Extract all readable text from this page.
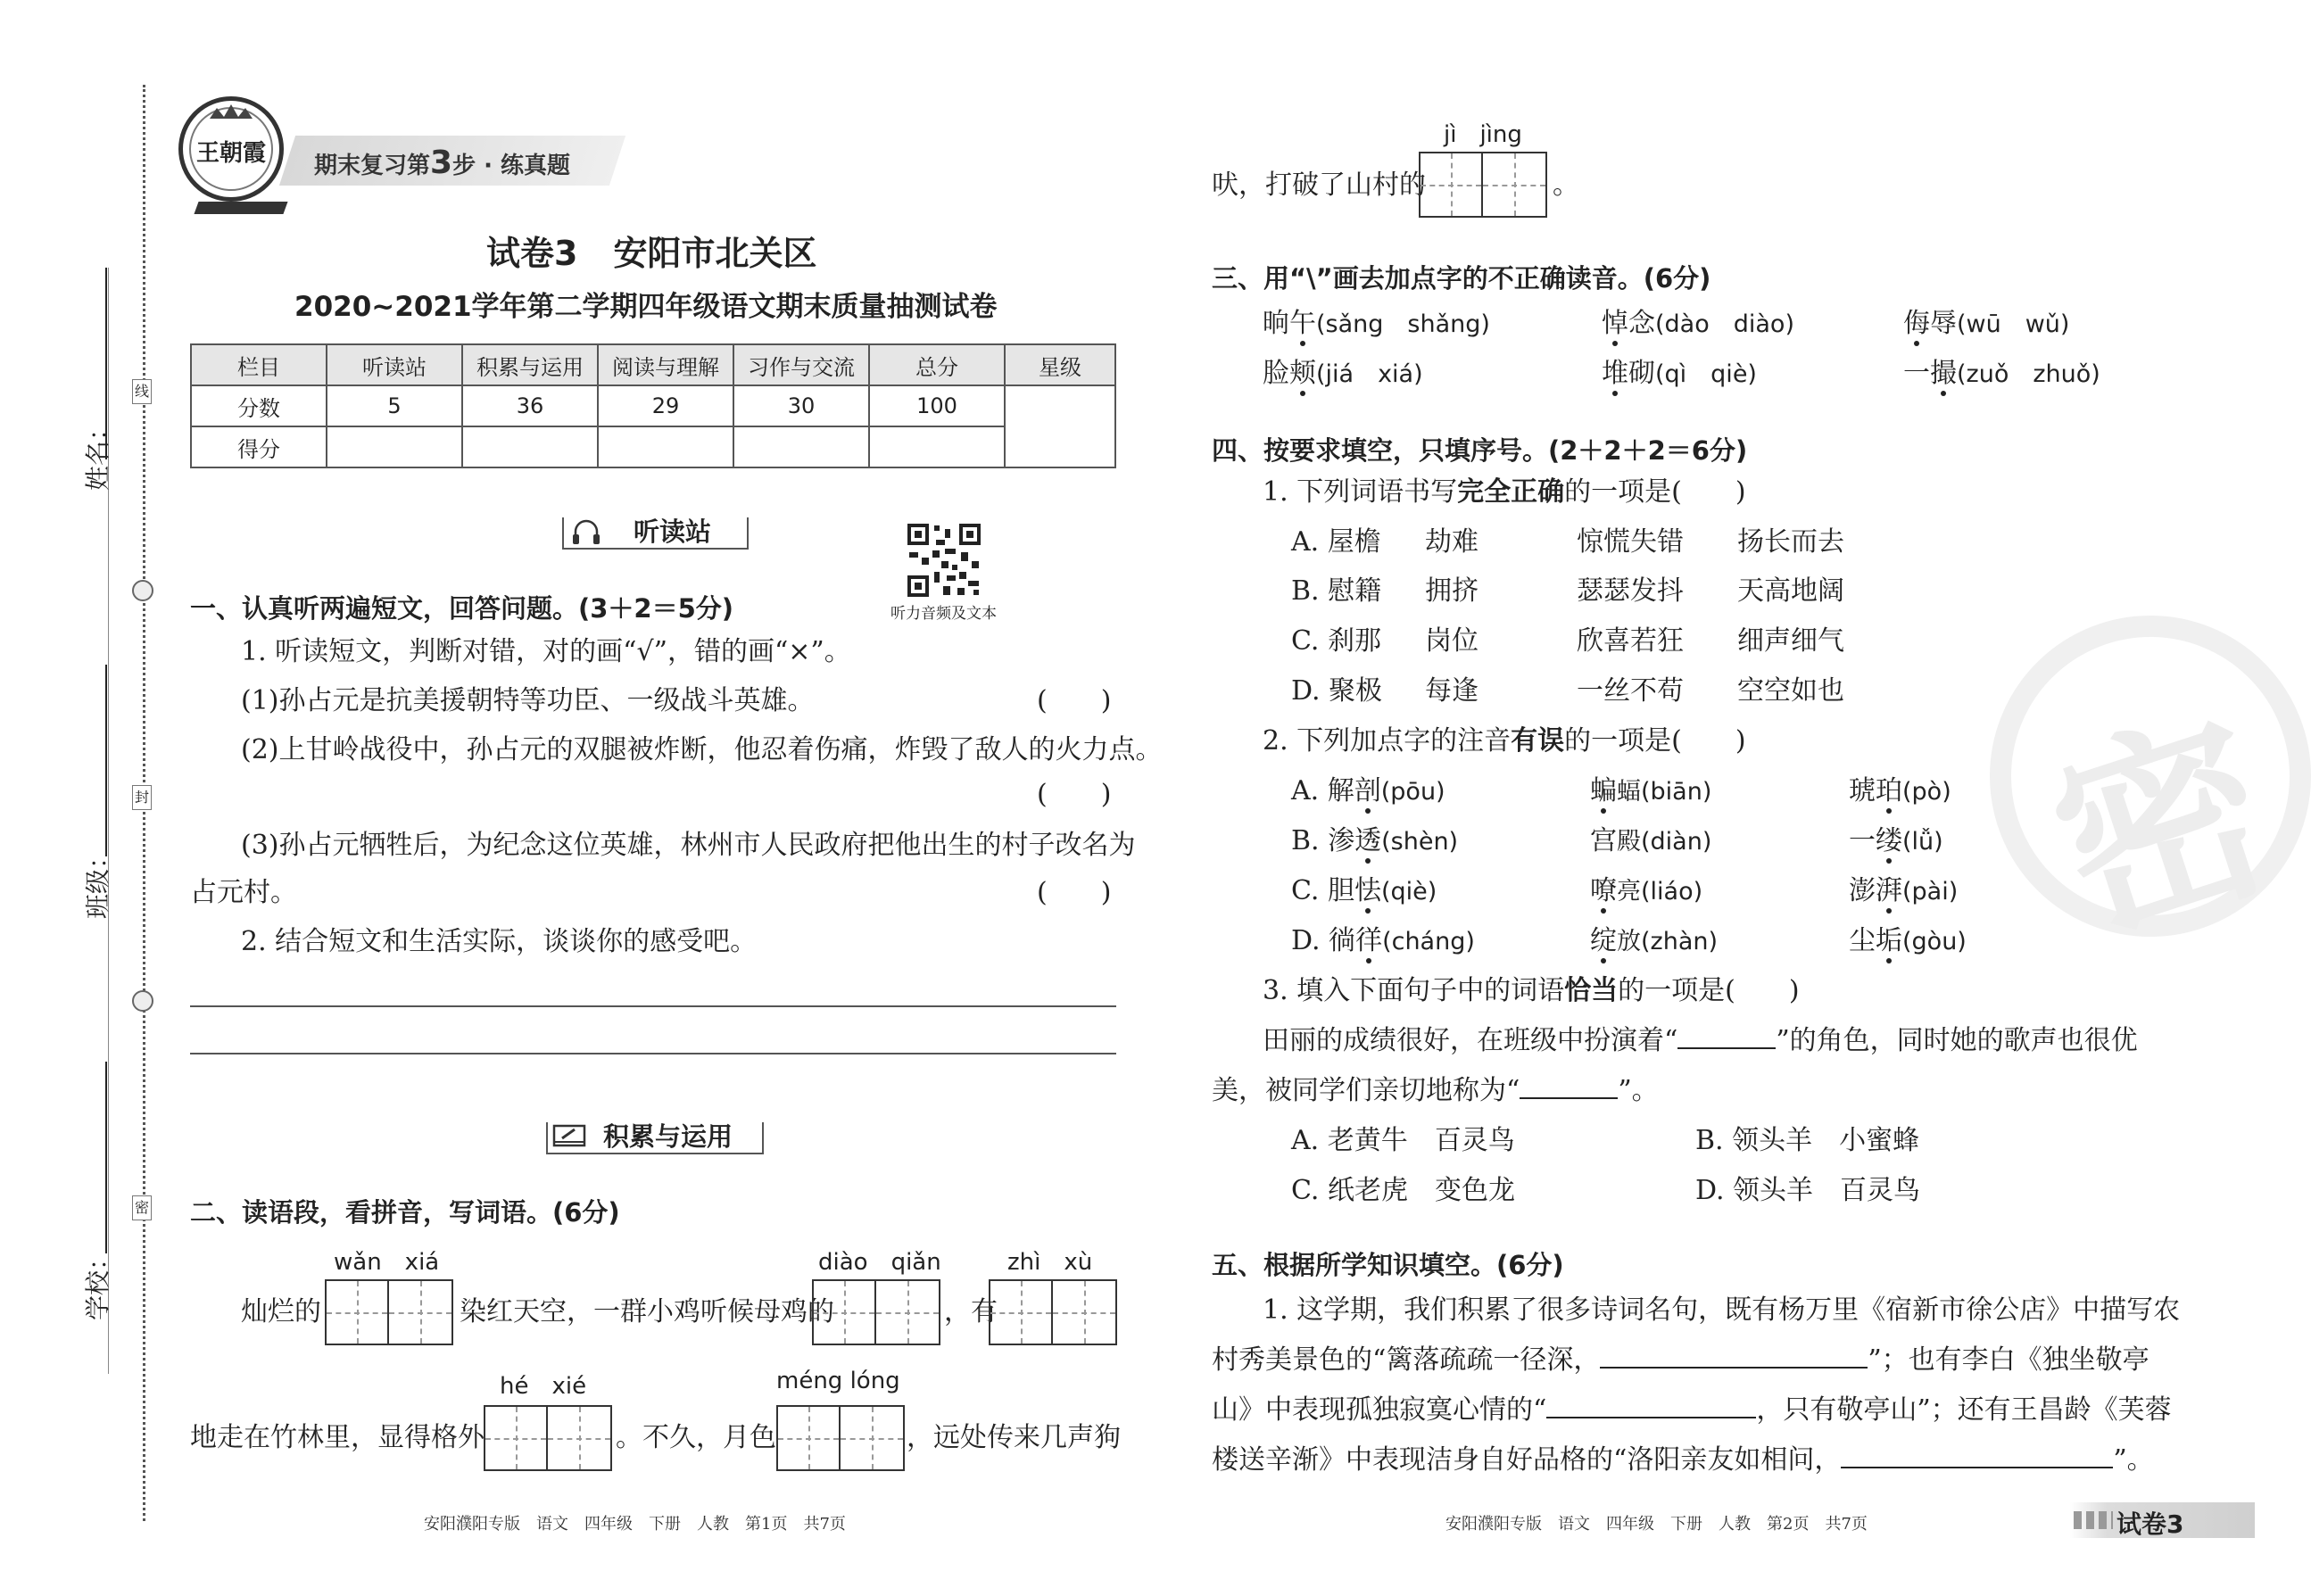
姓名：
班级：
学校：
线
封
密
王朝霞	期末复习第3步 · 练真题
试卷3 安阳市北关区
2020~2021学年第二学期四年级语文期末质量抽测试卷
栏目	听读站	积累与运用	阅读与理解	习作与交流	总分	星级
分数	5	36	29	30	100	
得分						
听读站
听力音频及文本
一、认真听两遍短文，回答问题。(3＋2＝5分)
1. 听读短文，判断对错，对的画“√”，错的画“×”。
(1)孙占元是抗美援朝特等功臣、一级战斗英雄。	(　　)
(2)上甘岭战役中，孙占元的双腿被炸断，他忍着伤痛，炸毁了敌人的火力点。
(　　)
(3)孙占元牺牲后，为纪念这位英雄，林州市人民政府把他出生的村子改名为
占元村。	(　　)
2. 结合短文和生活实际，谈谈你的感受吧。
积累与运用
二、读语段，看拼音，写词语。(6分)
wǎn　xiá	diào　qiǎn	zhì　xù
灿烂的	染红天空，一群小鸡听候母鸡的	，有
hé　xié	méng lóng
地走在竹林里，显得格外	。不久，月色	，远处传来几声狗
jì　jìng
吠，打破了山村的	。
三、用“\”画去加点字的不正确读音。(6分)
晌午(sǎng　shǎng)	悼念(dào　diào)	侮辱(wū　wǔ)
脸颊(jiá　xiá)	堆砌(qì　qiè)	一撮(zuǒ　zhuǒ)
四、按要求填空，只填序号。(2＋2＋2＝6分)
1. 下列词语书写完全正确的一项是(　　)
A. 屋檐 劫难	惊慌失错 扬长而去
B. 慰籍 拥挤	瑟瑟发抖 天高地阔
C. 刹那 岗位	欣喜若狂 细声细气
D. 聚极 每逢	一丝不苟 空空如也
2. 下列加点字的注音有误的一项是(　　)
A. 解剖(pōu)	蝙蝠(biān)	琥珀(pò)
B. 渗透(shèn)	宫殿(diàn)	一缕(lǚ)
C. 胆怯(qiè)	嘹亮(liáo)	澎湃(pài)
D. 徜徉(cháng)	绽放(zhàn)	尘垢(gòu)
3. 填入下面句子中的词语恰当的一项是(　　)
田丽的成绩很好，在班级中扮演着“	”的角色，同时她的歌声也很优
美，被同学们亲切地称为“	”。
A. 老黄牛　百灵鸟	B. 领头羊　小蜜蜂
C. 纸老虎　变色龙	D. 领头羊　百灵鸟
五、根据所学知识填空。(6分)
1. 这学期，我们积累了很多诗词名句，既有杨万里《宿新市徐公店》中描写农
村秀美景色的“篱落疏疏一径深，	”；也有李白《独坐敬亭
山》中表现孤独寂寞心情的“	，只有敬亭山”；还有王昌龄《芙蓉
楼送辛渐》中表现洁身自好品格的“洛阳亲友如相问，	”。
密
安阳濮阳专版　语文　四年级　下册　人教　第1页　共7页	安阳濮阳专版　语文　四年级　下册　人教　第2页　共7页	试卷3
